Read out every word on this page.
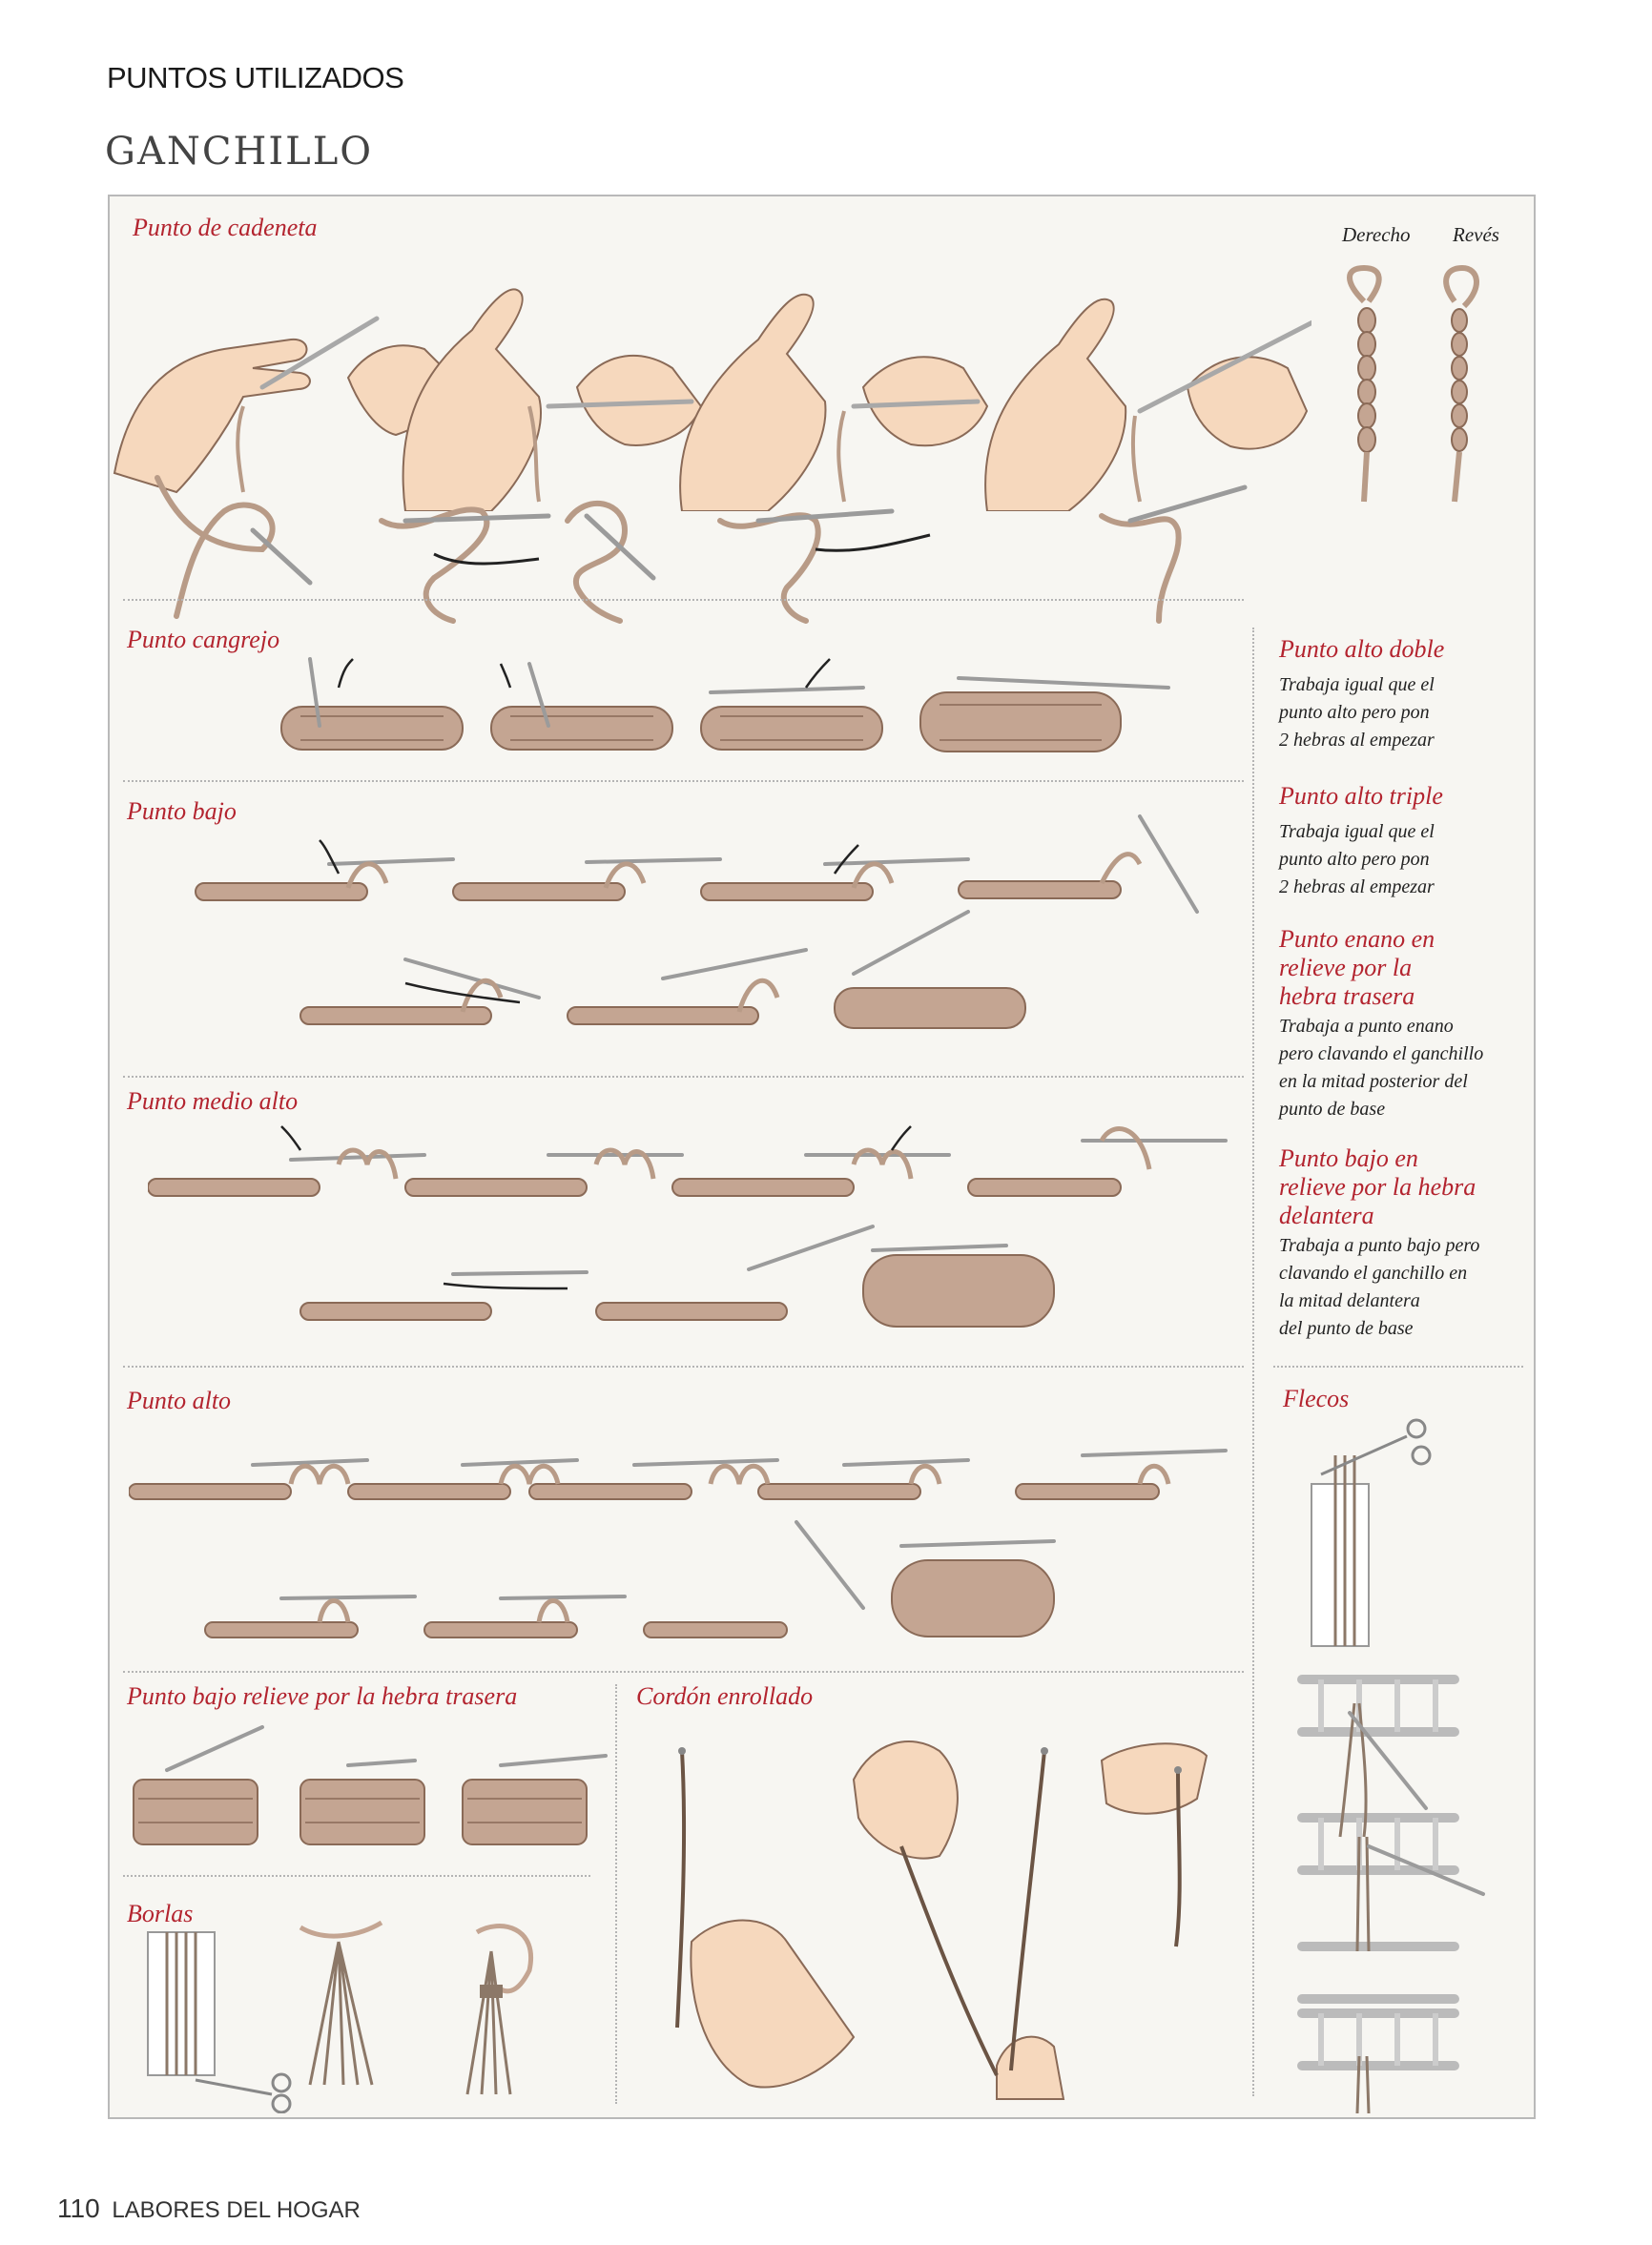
PUNTOS UTILIZADOS
GANCHILLO
Punto de cadeneta	Derecho Revés
Punto cangrejo
Punto bajo
Punto medio alto
Punto alto
Punto bajo relieve por la hebra trasera
Borlas
Cordón enrollado
Punto alto doble
Trabaja igual que el
punto alto pero pon
2 hebras al empezar
Punto alto triple
Trabaja igual que el
punto alto pero pon
2 hebras al empezar
Punto enano en
relieve por la
hebra trasera
Trabaja a punto enano
pero clavando el ganchillo
en la mitad posterior del
punto de base
Punto bajo en
relieve por la hebra
delantera
Trabaja a punto bajo pero
clavando el ganchillo en
la mitad delantera
del punto de base
Flecos
110 LABORES DEL HOGAR
